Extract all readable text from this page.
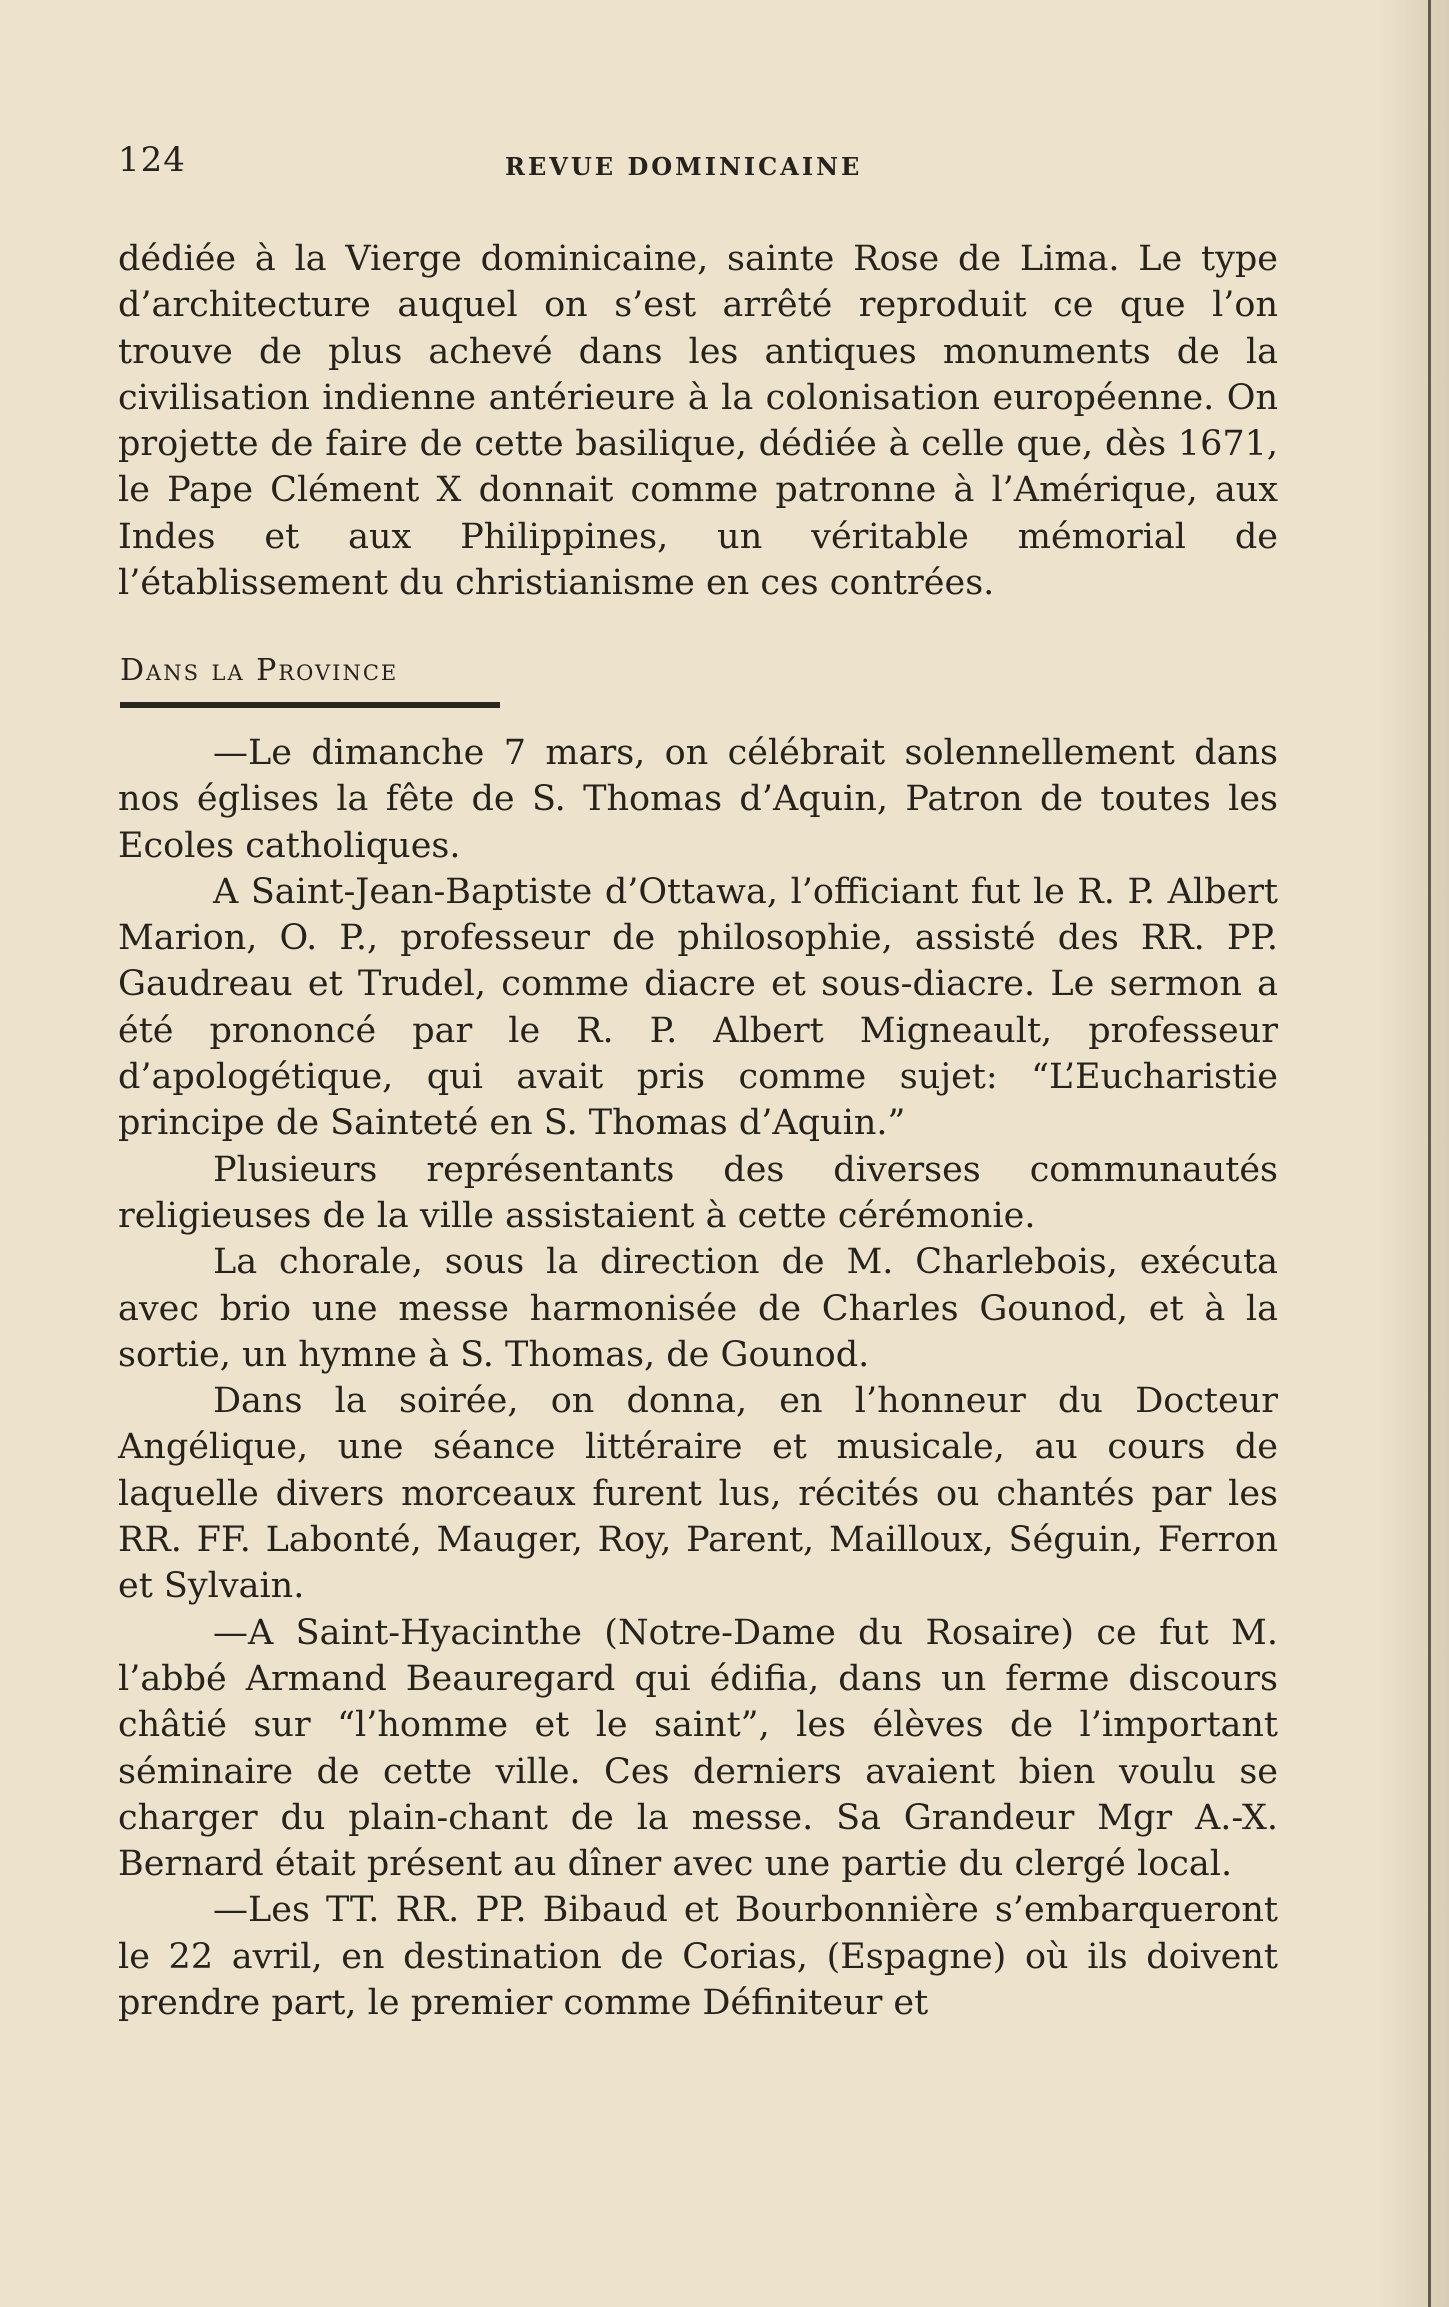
124	REVUE DOMINICAINE

dédiée à la Vierge dominicaine, sainte Rose de Lima. Le type d’architecture auquel on s’est arrêté reproduit ce que l’on trouve de plus achevé dans les antiques monuments de la civilisation indienne antérieure à la colonisation européenne. On projette de faire de cette basilique, dédiée à celle que, dès 1671, le Pape Clément X donnait comme patronne à l’Amérique, aux Indes et aux Philippines, un véritable mémorial de l’établissement du christianisme en ces contrées.

Dans la Province

—Le dimanche 7 mars, on célébrait solennellement dans nos églises la fête de S. Thomas d’Aquin, Patron de toutes les Ecoles catholiques.

A Saint-Jean-Baptiste d’Ottawa, l’officiant fut le R. P. Albert Marion, O. P., professeur de philosophie, assisté des RR. PP. Gaudreau et Trudel, comme diacre et sous-diacre. Le sermon a été prononcé par le R. P. Albert Migneault, professeur d’apologétique, qui avait pris comme sujet: “L’Eucharistie principe de Sainteté en S. Thomas d’Aquin.”

Plusieurs représentants des diverses communautés religieuses de la ville assistaient à cette cérémonie.

La chorale, sous la direction de M. Charlebois, exécuta avec brio une messe harmonisée de Charles Gounod, et à la sortie, un hymne à S. Thomas, de Gounod.

Dans la soirée, on donna, en l’honneur du Docteur Angélique, une séance littéraire et musicale, au cours de laquelle divers morceaux furent lus, récités ou chantés par les RR. FF. Labonté, Mauger, Roy, Parent, Mailloux, Séguin, Ferron et Sylvain.

—A Saint-Hyacinthe (Notre-Dame du Rosaire) ce fut M. l’abbé Armand Beauregard qui édifia, dans un ferme discours châtié sur “l’homme et le saint”, les élèves de l’important séminaire de cette ville. Ces derniers avaient bien voulu se charger du plain-chant de la messe. Sa Grandeur Mgr A.-X. Bernard était présent au dîner avec une partie du clergé local.

—Les TT. RR. PP. Bibaud et Bourbonnière s’embarqueront le 22 avril, en destination de Corias, (Espagne) où ils doivent prendre part, le premier comme Définiteur et
